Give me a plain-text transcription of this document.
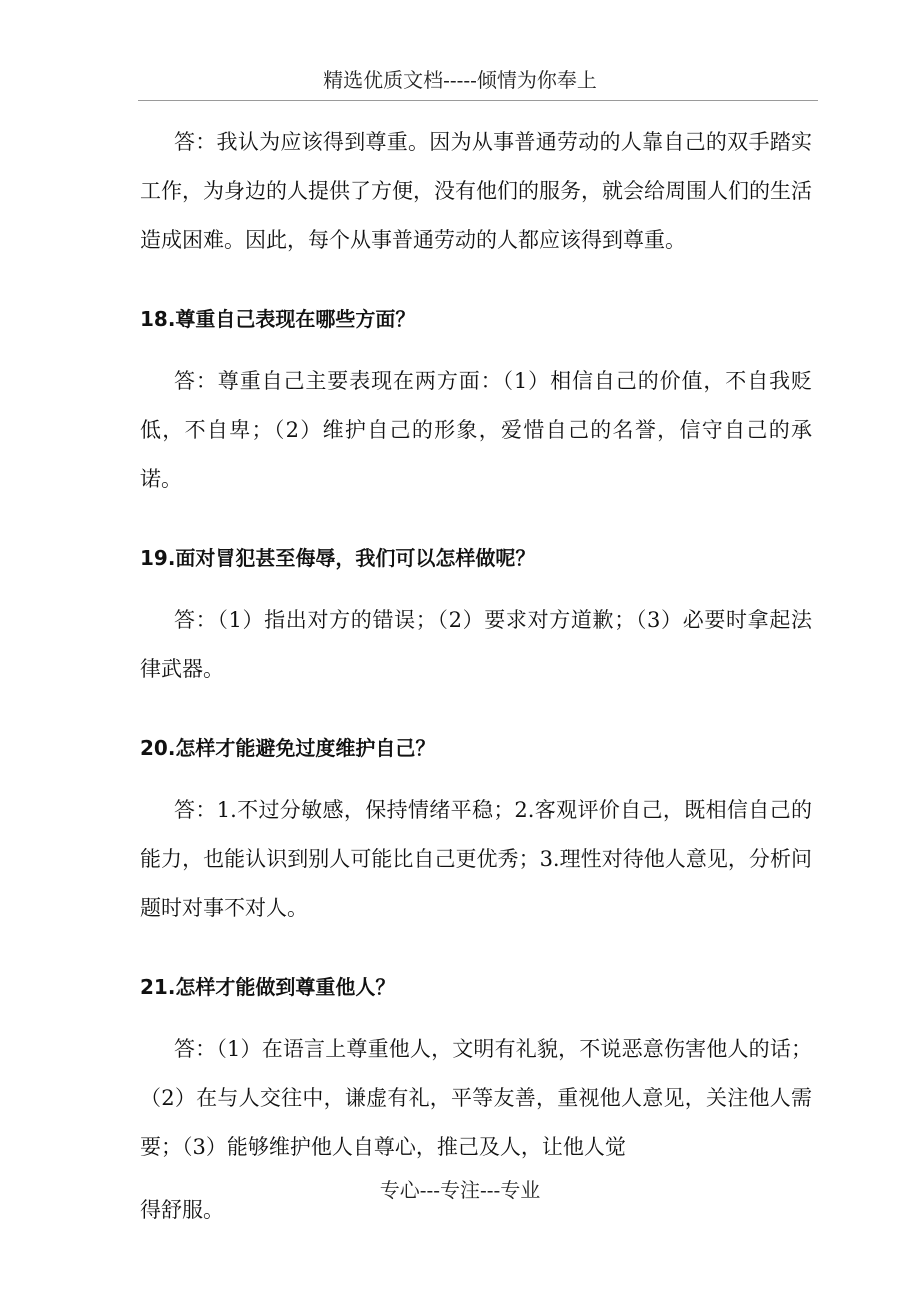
精选优质文档-----倾情为你奉上

答：我认为应该得到尊重。因为从事普通劳动的人靠自己的双手踏实工作，为身边的人提供了方便，没有他们的服务，就会给周围人们的生活造成困难。因此，每个从事普通劳动的人都应该得到尊重。

18.尊重自己表现在哪些方面？

答：尊重自己主要表现在两方面：（1）相信自己的价值，不自我贬低，不自卑；（2）维护自己的形象，爱惜自己的名誉，信守自己的承诺。

19.面对冒犯甚至侮辱，我们可以怎样做呢？

答：（1）指出对方的错误；（2）要求对方道歉；（3）必要时拿起法律武器。

20.怎样才能避免过度维护自己？

答：1.不过分敏感，保持情绪平稳；2.客观评价自己，既相信自己的能力，也能认识到别人可能比自己更优秀；3.理性对待他人意见，分析问题时对事不对人。

21.怎样才能做到尊重他人？

答：（1）在语言上尊重他人，文明有礼貌，不说恶意伤害他人的话；（2）在与人交往中，谦虚有礼，平等友善，重视他人意见，关注他人需要；（3）能够维护他人自尊心，推己及人，让他人觉

得舒服。

专心---专注---专业
